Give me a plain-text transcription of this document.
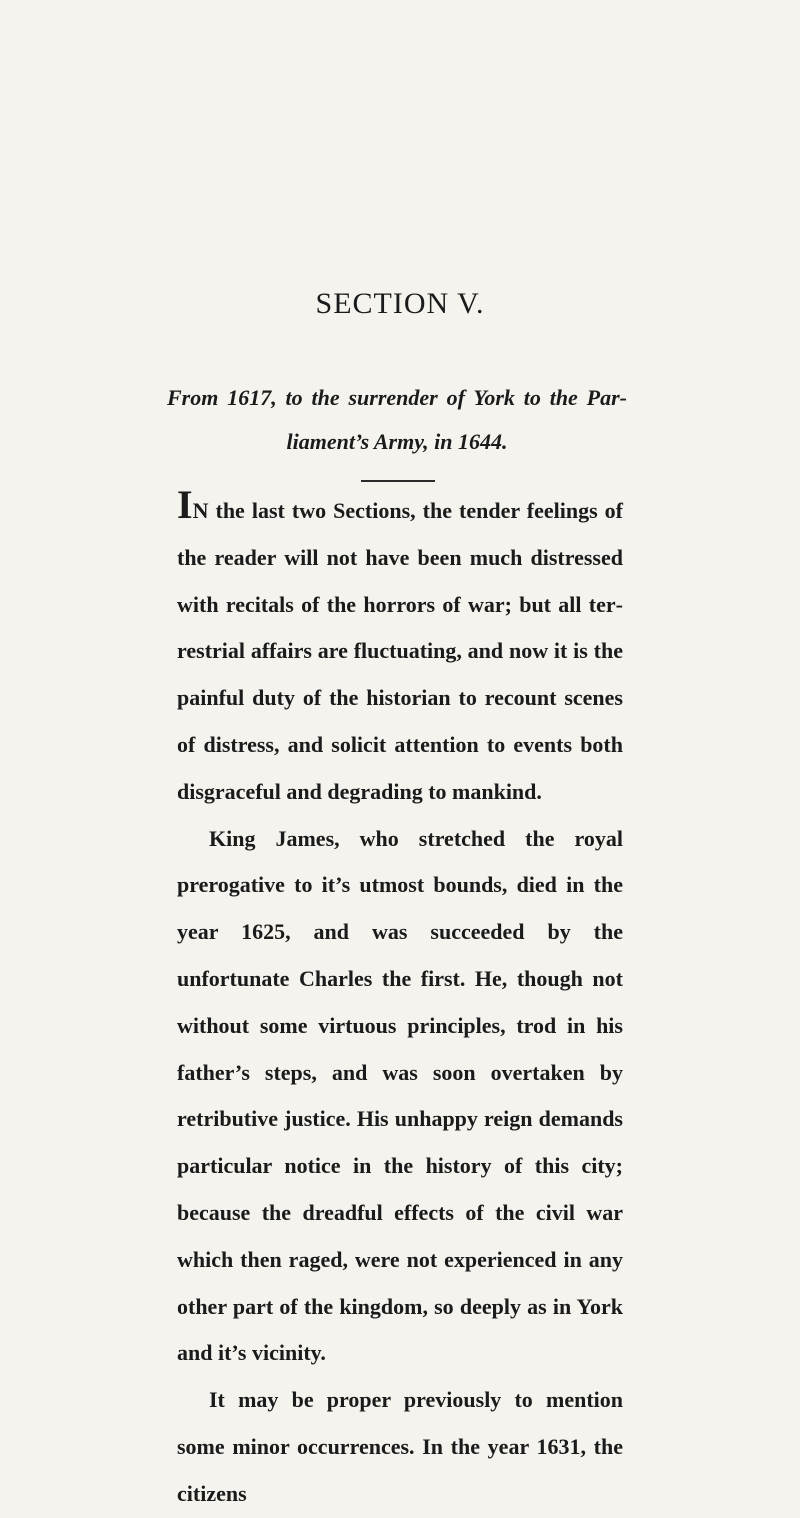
SECTION V.
From 1617, to the surrender of York to the Par-
liament’s Army, in 1644.

IN the last two Sections, the tender feelings of the reader will not have been much distressed with recitals of the horrors of war; but all terrestrial affairs are fluctuating, and now it is the painful duty of the historian to recount scenes of distress, and solicit attention to events both disgraceful and degrading to mankind.

King James, who stretched the royal prerogative to it’s utmost bounds, died in the year 1625, and was succeeded by the unfortunate Charles the first. He, though not without some virtuous principles, trod in his father’s steps, and was soon overtaken by retributive justice. His unhappy reign demands particular notice in the history of this city; because the dreadful effects of the civil war which then raged, were not experienced in any other part of the kingdom, so deeply as in York and it’s vicinity.

It may be proper previously to mention some minor occurrences. In the year 1631, the citizens
